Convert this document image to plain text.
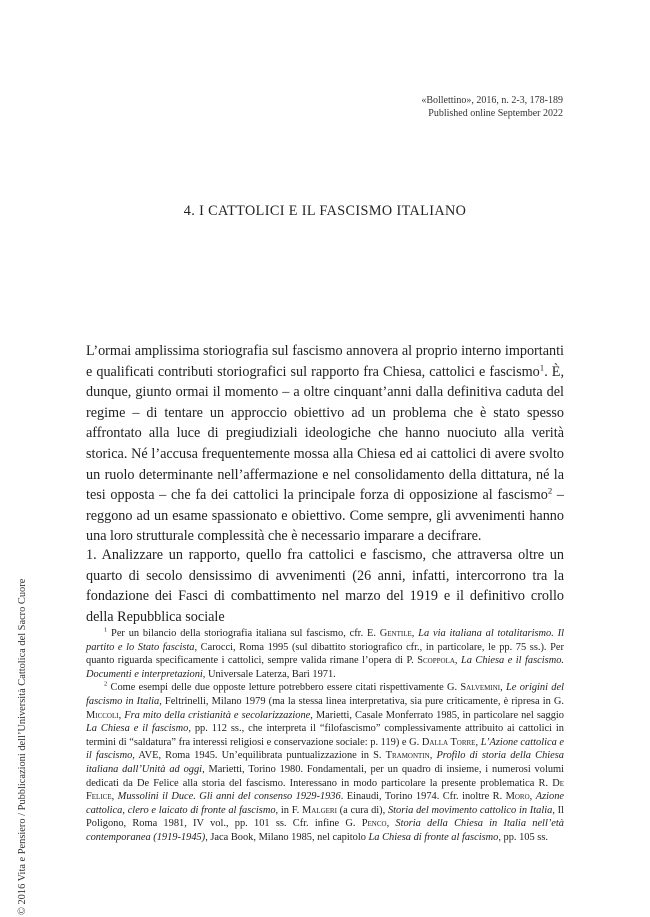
«Bollettino», 2016, n. 2-3, 178-189
Published online September 2022
4. I CATTOLICI E IL FASCISMO ITALIANO

L’ormai amplissima storiografia sul fascismo annovera al proprio interno importanti e qualificati contributi storiografici sul rapporto fra Chiesa, cattolici e fascismo$^1$. È, dunque, giunto ormai il momento – a oltre cinquant’anni dalla definitiva caduta del regime – di tentare un approccio obiettivo ad un problema che è stato spesso affrontato alla luce di pregiudiziali ideologiche che hanno nuociuto alla verità storica. Né l’accusa frequentemente mossa alla Chiesa ed ai cattolici di avere svolto un ruolo determinante nell’affermazione e nel consolidamento della dittatura, né la tesi opposta – che fa dei cattolici la principale forza di opposizione al fascismo$^2$ – reggono ad un esame spassionato e obiettivo. Come sempre, gli avvenimenti hanno una loro strutturale complessità che è necessario imparare a decifrare.

1. Analizzare un rapporto, quello fra cattolici e fascismo, che attraversa oltre un quarto di secolo densissimo di avvenimenti (26 anni, infatti, intercorrono tra la fondazione dei Fasci di combattimento nel marzo del 1919 e il definitivo crollo della Repubblica sociale

$^1$ Per un bilancio della storiografia italiana sul fascismo, cfr. E. Gentile, La via italiana al totalitarismo. Il partito e lo Stato fascista, Carocci, Roma 1995 (sul dibattito storiografico cfr., in particolare, le pp. 75 ss.). Per quanto riguarda specificamente i cattolici, sempre valida rimane l’opera di P. Scoppola, La Chiesa e il fascismo. Documenti e interpretazioni, Universale Laterza, Bari 1971.

$^2$ Come esempi delle due opposte letture potrebbero essere citati rispettivamente G. Salvemini, Le origini del fascismo in Italia, Feltrinelli, Milano 1979 (ma la stessa linea interpretativa, sia pure criticamente, è ripresa in G. Miccoli, Fra mito della cristianità e secolarizzazione, Marietti, Casale Monferrato 1985, in particolare nel saggio La Chiesa e il fascismo, pp. 112 ss., che interpreta il “filofascismo” complessivamente attribuito ai cattolici in termini di “saldatura” fra interessi religiosi e conservazione sociale: p. 119) e G. Dalla Torre, L’Azione cattolica e il fascismo, AVE, Roma 1945. Un’equilibrata puntualizzazione in S. Tramontin, Profilo di storia della Chiesa italiana dall’Unità ad oggi, Marietti, Torino 1980. Fondamentali, per un quadro di insieme, i numerosi volumi dedicati da De Felice alla storia del fascismo. Interessano in modo particolare la presente problematica R. De Felice, Mussolini il Duce. Gli anni del consenso 1929-1936. Einaudi, Torino 1974. Cfr. inoltre R. Moro, Azione cattolica, clero e laicato di fronte al fascismo, in F. Malgeri (a cura di), Storia del movimento cattolico in Italia, Il Poligono, Roma 1981, IV vol., pp. 101 ss. Cfr. infine G. Penco, Storia della Chiesa in Italia nell’età contemporanea (1919-1945), Jaca Book, Milano 1985, nel capitolo La Chiesa di fronte al fascismo, pp. 105 ss.

© 2016 Vita e Pensiero / Pubblicazioni dell’Università Cattolica del Sacro Cuore
